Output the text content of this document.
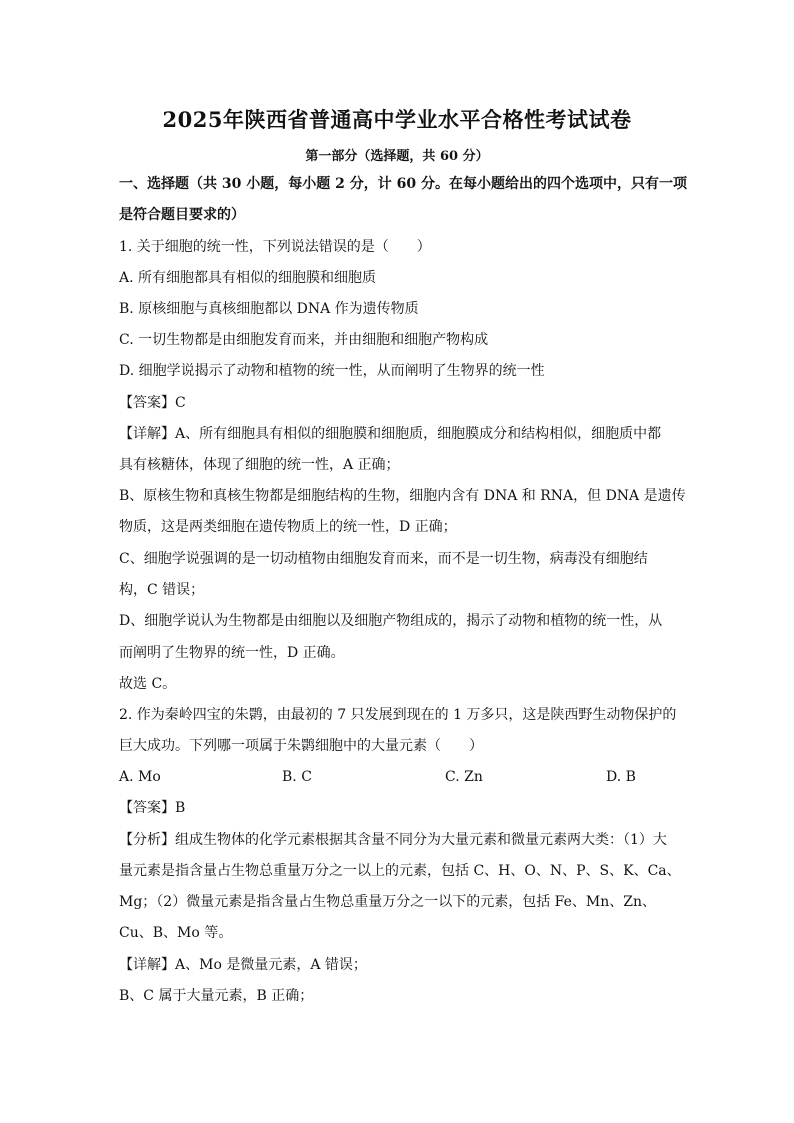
2025年陕西省普通高中学业水平合格性考试试卷
第一部分（选择题，共 60 分）
一、选择题（共 30 小题，每小题 2 分，计 60 分。在每小题给出的四个选项中，只有一项
是符合题目要求的）
1. 关于细胞的统一性，下列说法错误的是（　　）
A. 所有细胞都具有相似的细胞膜和细胞质
B. 原核细胞与真核细胞都以 DNA 作为遗传物质
C. 一切生物都是由细胞发育而来，并由细胞和细胞产物构成
D. 细胞学说揭示了动物和植物的统一性，从而阐明了生物界的统一性
【答案】C
【详解】A、所有细胞具有相似的细胞膜和细胞质，细胞膜成分和结构相似，细胞质中都
具有核糖体，体现了细胞的统一性，A 正确；
B、原核生物和真核生物都是细胞结构的生物，细胞内含有 DNA 和 RNA，但 DNA 是遗传
物质，这是两类细胞在遗传物质上的统一性，D 正确；
C、细胞学说强调的是一切动植物由细胞发育而来，而不是一切生物，病毒没有细胞结
构，C 错误；
D、细胞学说认为生物都是由细胞以及细胞产物组成的，揭示了动物和植物的统一性，从
而阐明了生物界的统一性，D 正确。
故选 C。
2. 作为秦岭四宝的朱鹮，由最初的 7 只发展到现在的 1 万多只，这是陕西野生动物保护的
巨大成功。下列哪一项属于朱鹮细胞中的大量元素（　　）
A. Mo	B. C	C. Zn	D. B
【答案】B
【分析】组成生物体的化学元素根据其含量不同分为大量元素和微量元素两大类：（1）大
量元素是指含量占生物总重量万分之一以上的元素，包括 C、H、O、N、P、S、K、Ca、
Mg；（2）微量元素是指含量占生物总重量万分之一以下的元素，包括 Fe、Mn、Zn、
Cu、B、Mo 等。
【详解】A、Mo 是微量元素，A 错误；
B、C 属于大量元素，B 正确；
